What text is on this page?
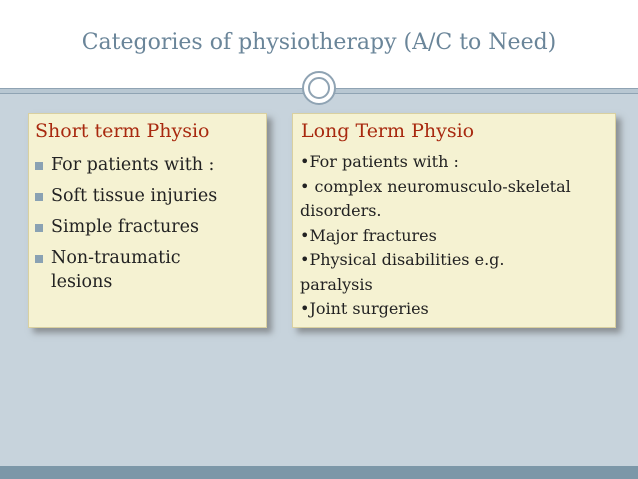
Categories of physiotherapy (A/C to Need)
Short term Physio
For patients with :
Soft tissue injuries
Simple fractures
Non-traumatic
lesions
Long Term Physio
•For patients with :
• complex neuromusculo-skeletal
disorders.
•Major fractures
•Physical disabilities e.g.
paralysis
•Joint surgeries
